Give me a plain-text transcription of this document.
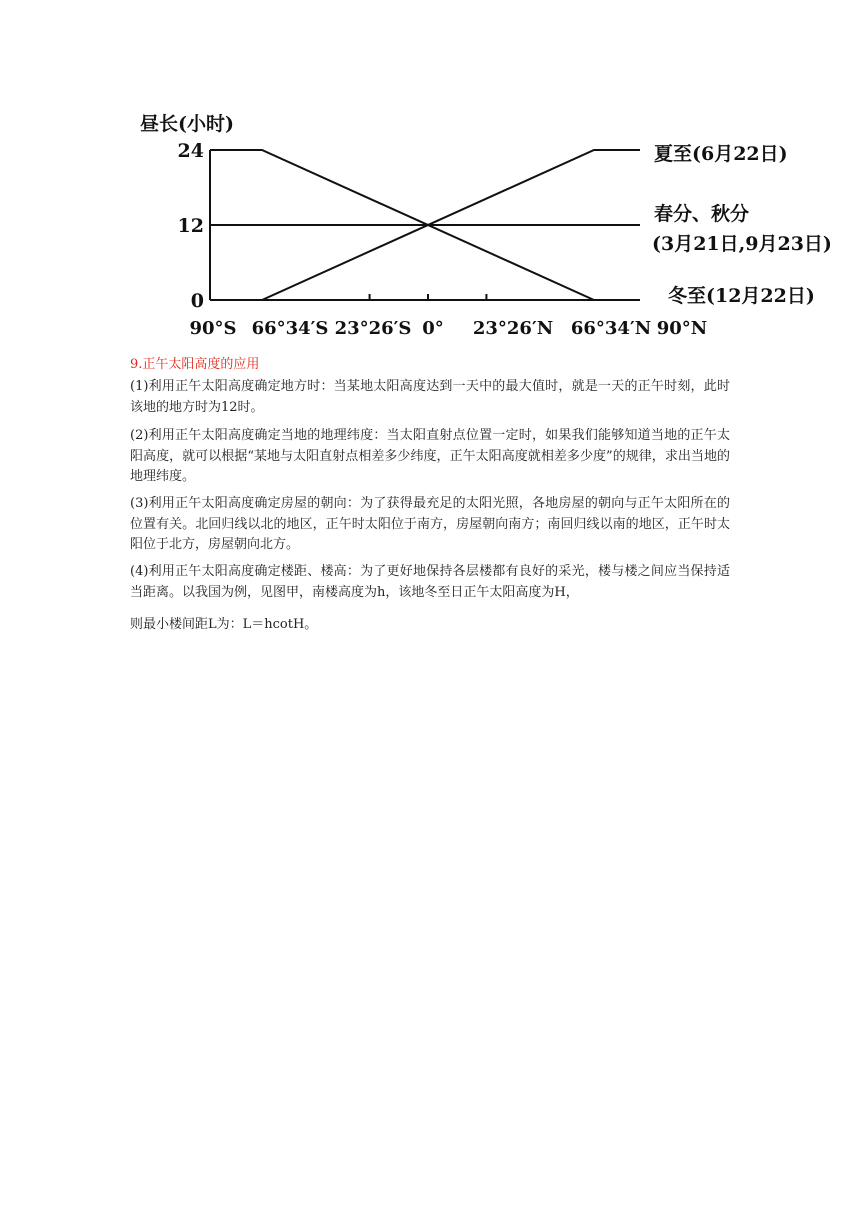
昼长(小时)
24
12
0
90°S 66°34′S 23°26′S 0° 23°26′N 66°34′N 90°N
夏至(6月22日)
春分、秋分
(3月21日,9月23日)
冬至(12月22日)
9.正午太阳高度的应用

(1)利用正午太阳高度确定地方时：当某地太阳高度达到一天中的最大值时，就是一天的正午时刻，此时该地的地方时为12时。

(2)利用正午太阳高度确定当地的地理纬度：当太阳直射点位置一定时，如果我们能够知道当地的正午太阳高度，就可以根据“某地与太阳直射点相差多少纬度，正午太阳高度就相差多少度”的规律，求出当地的地理纬度。

(3)利用正午太阳高度确定房屋的朝向：为了获得最充足的太阳光照，各地房屋的朝向与正午太阳所在的位置有关。北回归线以北的地区，正午时太阳位于南方，房屋朝向南方；南回归线以南的地区，正午时太阳位于北方，房屋朝向北方。

(4)利用正午太阳高度确定楼距、楼高：为了更好地保持各层楼都有良好的采光，楼与楼之间应当保持适当距离。以我国为例，见图甲，南楼高度为h，该地冬至日正午太阳高度为H，

则最小楼间距L为：L＝hcotH。
